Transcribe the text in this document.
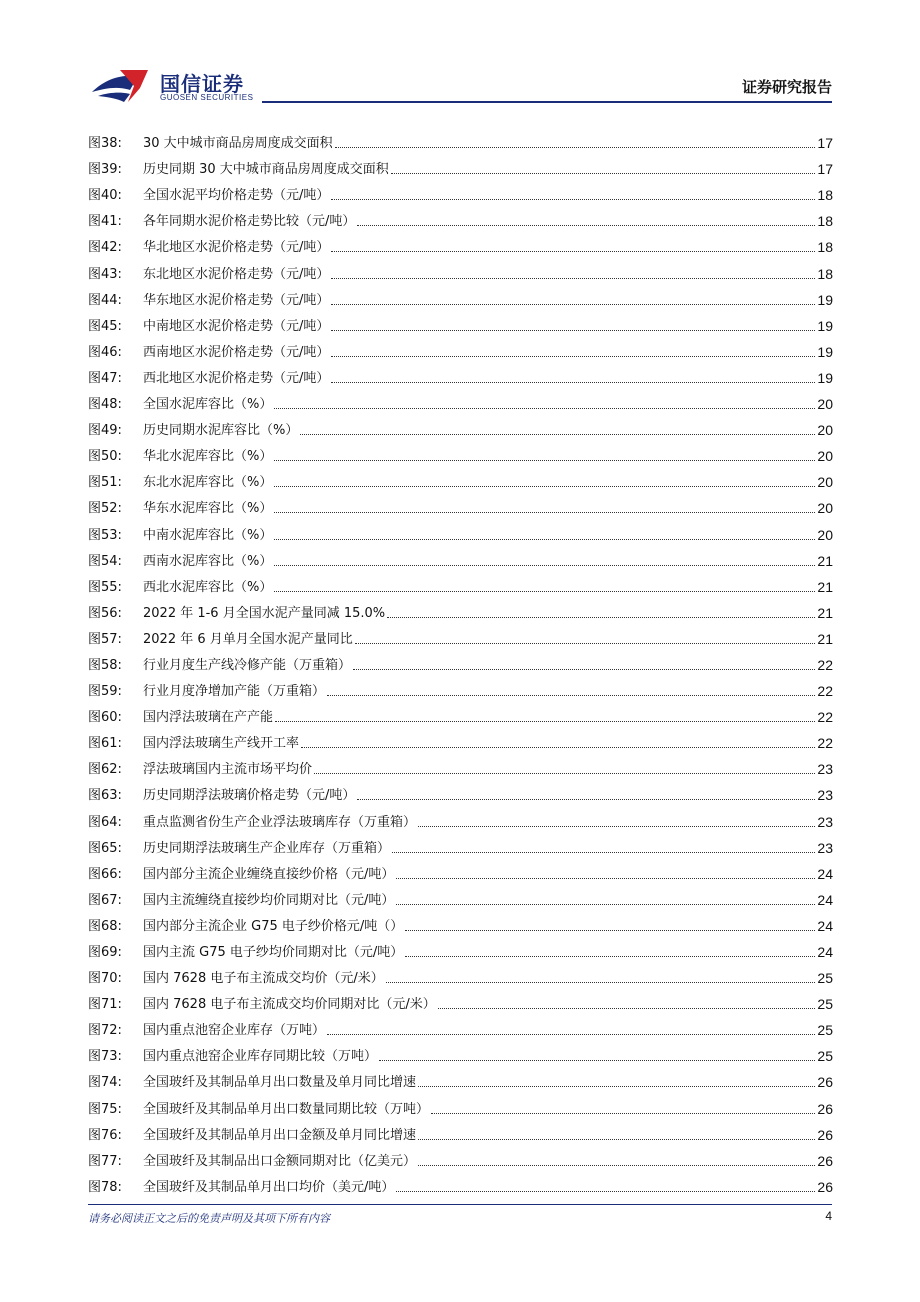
国信证券
GUOSEN SECURITIES
证券研究报告
图38:	30 大中城市商品房周度成交面积	17
图39:	历史同期 30 大中城市商品房周度成交面积	17
图40:	全国水泥平均价格走势（元/吨）	18
图41:	各年同期水泥价格走势比较（元/吨）	18
图42:	华北地区水泥价格走势（元/吨）	18
图43:	东北地区水泥价格走势（元/吨）	18
图44:	华东地区水泥价格走势（元/吨）	19
图45:	中南地区水泥价格走势（元/吨）	19
图46:	西南地区水泥价格走势（元/吨）	19
图47:	西北地区水泥价格走势（元/吨）	19
图48:	全国水泥库容比（%）	20
图49:	历史同期水泥库容比（%）	20
图50:	华北水泥库容比（%）	20
图51:	东北水泥库容比（%）	20
图52:	华东水泥库容比（%）	20
图53:	中南水泥库容比（%）	20
图54:	西南水泥库容比（%）	21
图55:	西北水泥库容比（%）	21
图56:	2022 年 1-6 月全国水泥产量同减 15.0%	21
图57:	2022 年 6 月单月全国水泥产量同比	21
图58:	行业月度生产线冷修产能（万重箱）	22
图59:	行业月度净增加产能（万重箱）	22
图60:	国内浮法玻璃在产产能	22
图61:	国内浮法玻璃生产线开工率	22
图62:	浮法玻璃国内主流市场平均价	23
图63:	历史同期浮法玻璃价格走势（元/吨）	23
图64:	重点监测省份生产企业浮法玻璃库存（万重箱）	23
图65:	历史同期浮法玻璃生产企业库存（万重箱）	23
图66:	国内部分主流企业缠绕直接纱价格（元/吨）	24
图67:	国内主流缠绕直接纱均价同期对比（元/吨）	24
图68:	国内部分主流企业 G75 电子纱价格元/吨（）	24
图69:	国内主流 G75 电子纱均价同期对比（元/吨）	24
图70:	国内 7628 电子布主流成交均价（元/米）	25
图71:	国内 7628 电子布主流成交均价同期对比（元/米）	25
图72:	国内重点池窑企业库存（万吨）	25
图73:	国内重点池窑企业库存同期比较（万吨）	25
图74:	全国玻纤及其制品单月出口数量及单月同比增速	26
图75:	全国玻纤及其制品单月出口数量同期比较（万吨）	26
图76:	全国玻纤及其制品单月出口金额及单月同比增速	26
图77:	全国玻纤及其制品出口金额同期对比（亿美元）	26
图78:	全国玻纤及其制品单月出口均价（美元/吨）	26
请务必阅读正文之后的免责声明及其项下所有内容	4
